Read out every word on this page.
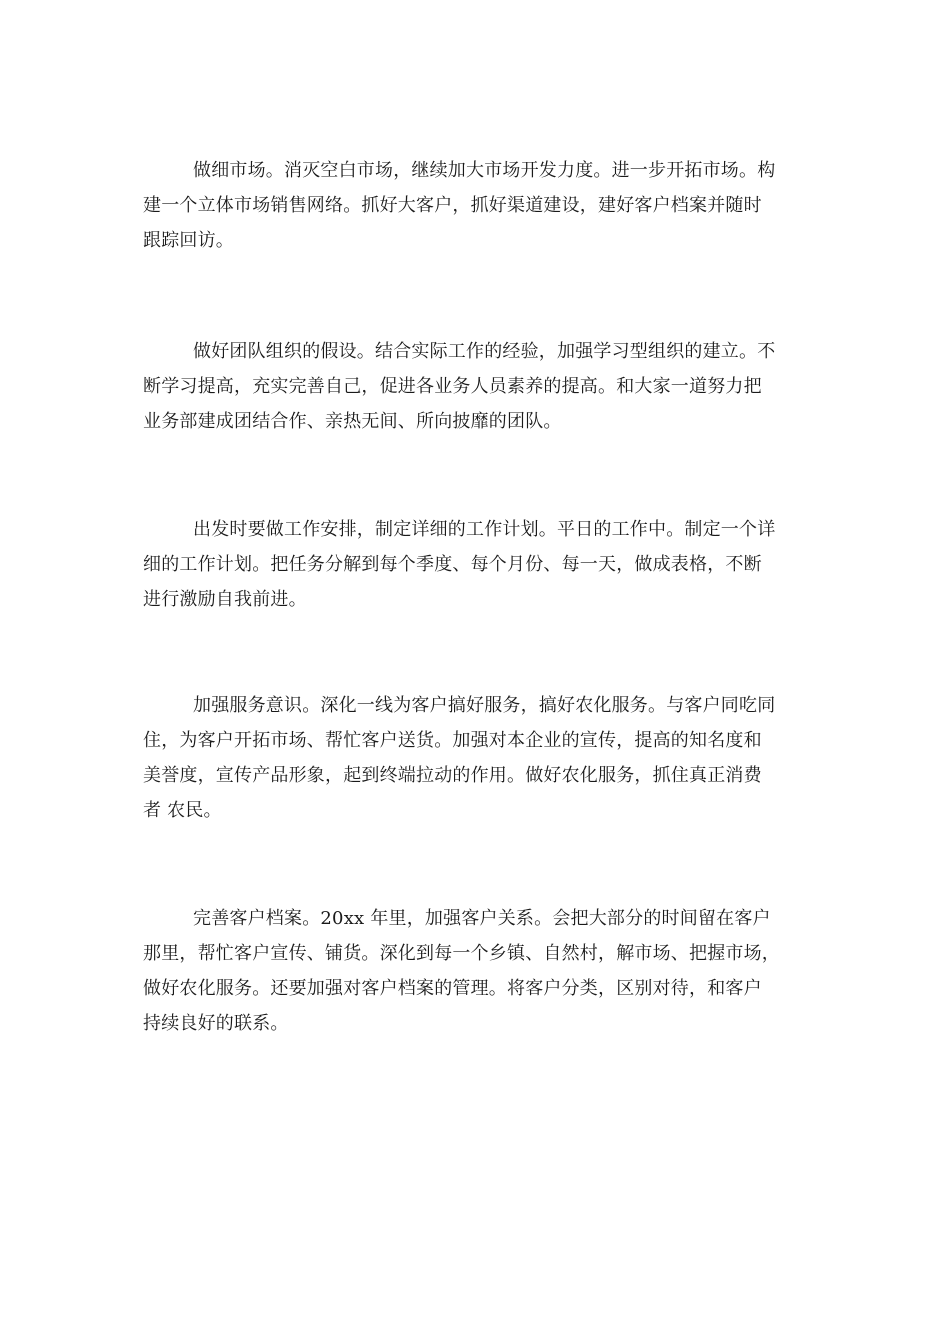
做细市场。消灭空白市场，继续加大市场开发力度。进一步开拓市场。构
建一个立体市场销售网络。抓好大客户，抓好渠道建设，建好客户档案并随时
跟踪回访。

做好团队组织的假设。结合实际工作的经验，加强学习型组织的建立。不
断学习提高，充实完善自己，促进各业务人员素养的提高。和大家一道努力把
业务部建成团结合作、亲热无间、所向披靡的团队。

出发时要做工作安排，制定详细的工作计划。平日的工作中。制定一个详
细的工作计划。把任务分解到每个季度、每个月份、每一天，做成表格，不断
进行激励自我前进。

加强服务意识。深化一线为客户搞好服务，搞好农化服务。与客户同吃同
住，为客户开拓市场、帮忙客户送货。加强对本企业的宣传，提高的知名度和
美誉度，宣传产品形象，起到终端拉动的作用。做好农化服务，抓住真正消费
者 农民。

完善客户档案。20xx 年里，加强客户关系。会把大部分的时间留在客户
那里，帮忙客户宣传、铺货。深化到每一个乡镇、自然村，解市场、把握市场，
做好农化服务。还要加强对客户档案的管理。将客户分类，区别对待，和客户
持续良好的联系。
